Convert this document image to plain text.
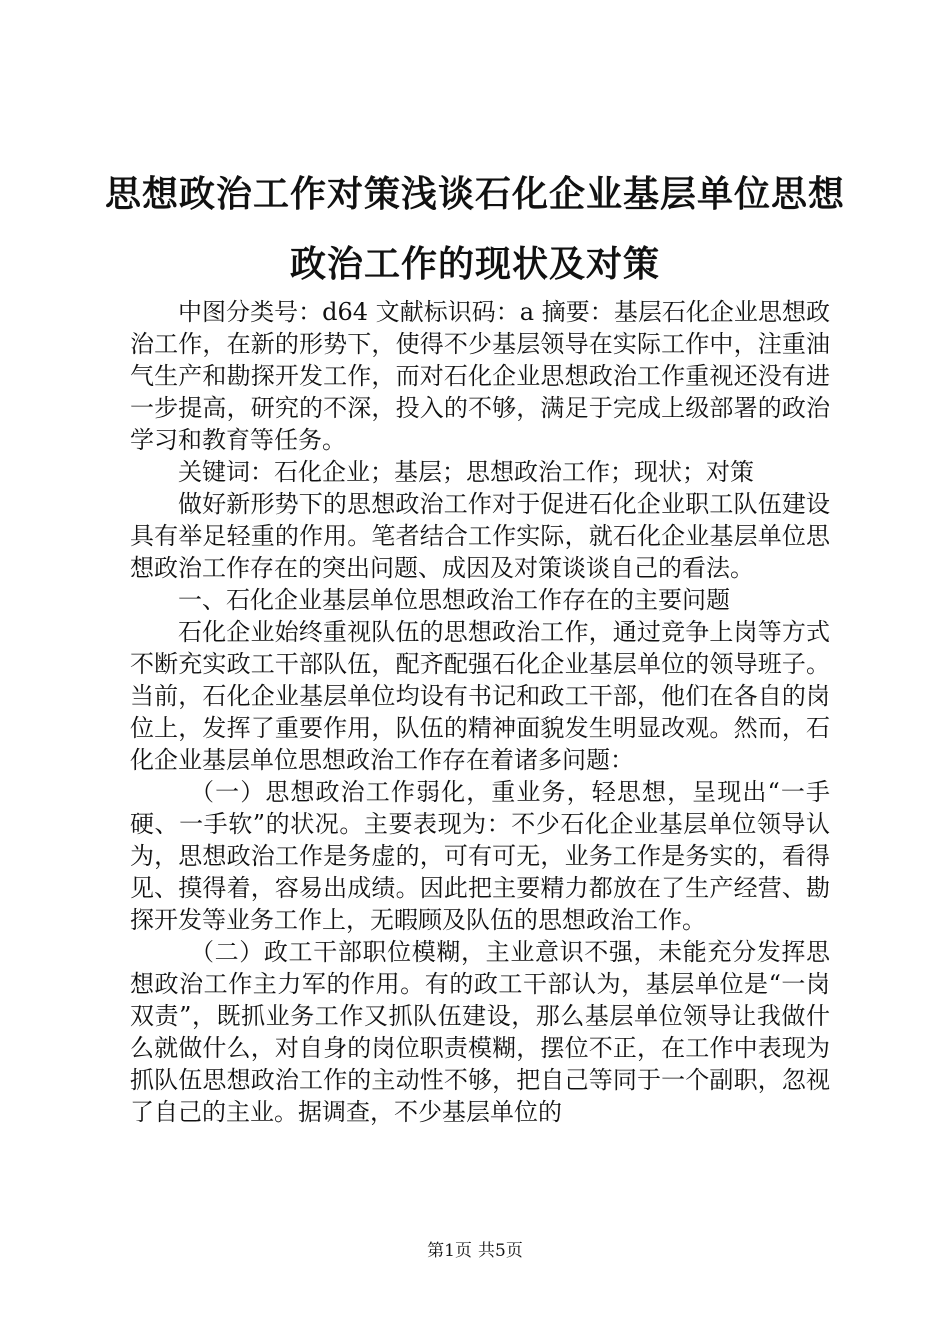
思想政治工作对策浅谈石化企业基层单位思想
政治工作的现状及对策

中图分类号：d64 文献标识码：a 摘要：基层石化企业思想政治工作，在新的形势下，使得不少基层领导在实际工作中，注重油气生产和勘探开发工作，而对石化企业思想政治工作重视还没有进一步提高，研究的不深，投入的不够，满足于完成上级部署的政治学习和教育等任务。

关键词：石化企业；基层；思想政治工作；现状；对策

做好新形势下的思想政治工作对于促进石化企业职工队伍建设具有举足轻重的作用。笔者结合工作实际，就石化企业基层单位思想政治工作存在的突出问题、成因及对策谈谈自己的看法。

一、石化企业基层单位思想政治工作存在的主要问题

石化企业始终重视队伍的思想政治工作，通过竞争上岗等方式不断充实政工干部队伍，配齐配强石化企业基层单位的领导班子。当前，石化企业基层单位均设有书记和政工干部，他们在各自的岗位上，发挥了重要作用，队伍的精神面貌发生明显改观。然而，石化企业基层单位思想政治工作存在着诸多问题：

（一）思想政治工作弱化，重业务，轻思想，呈现出“一手硬、一手软”的状况。主要表现为：不少石化企业基层单位领导认为，思想政治工作是务虚的，可有可无，业务工作是务实的，看得见、摸得着，容易出成绩。因此把主要精力都放在了生产经营、勘探开发等业务工作上，无暇顾及队伍的思想政治工作。

（二）政工干部职位模糊，主业意识不强，未能充分发挥思想政治工作主力军的作用。有的政工干部认为，基层单位是“一岗双责”，既抓业务工作又抓队伍建设，那么基层单位领导让我做什么就做什么，对自身的岗位职责模糊，摆位不正，在工作中表现为抓队伍思想政治工作的主动性不够，把自己等同于一个副职，忽视了自己的主业。据调查，不少基层单位的

第1页 共5页
